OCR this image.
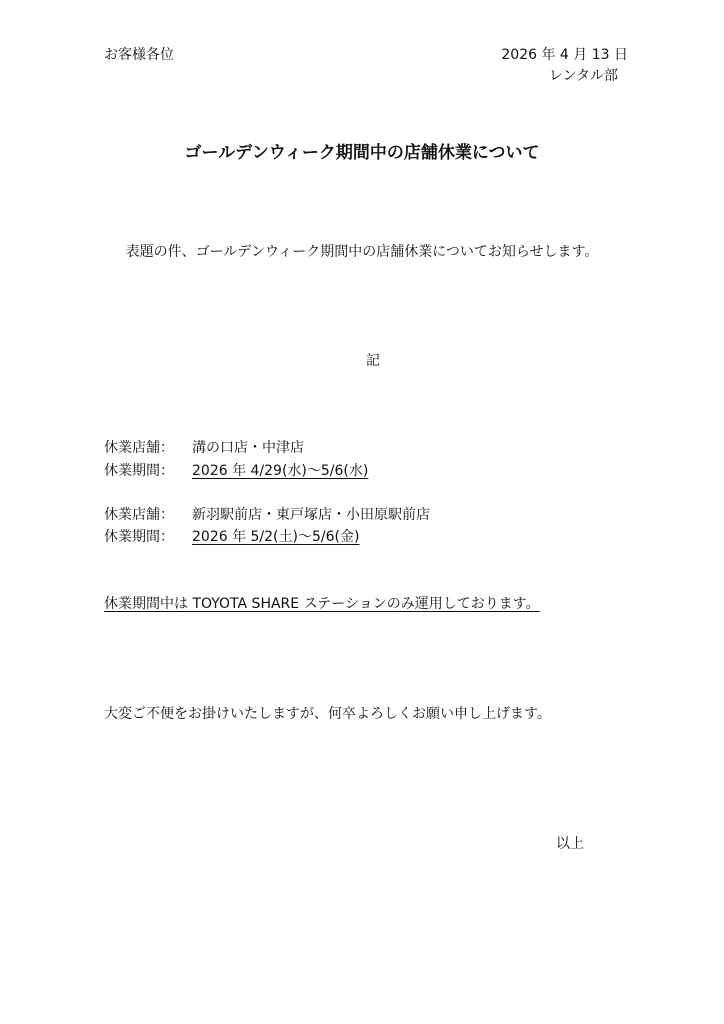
お客様各位	2026 年 4 月 13 日
レンタル部
ゴールデンウィーク期間中の店舗休業について
表題の件、ゴールデンウィーク期間中の店舗休業についてお知らせします。
記
休業店舗： 溝の口店・中津店
休業期間： 2026 年 4/29(水)～5/6(水)
休業店舗： 新羽駅前店・東戸塚店・小田原駅前店
休業期間： 2026 年 5/2(土)～5/6(金)
休業期間中は TOYOTA SHARE ステーションのみ運用しております。
大変ご不便をお掛けいたしますが、何卒よろしくお願い申し上げます。
以上
